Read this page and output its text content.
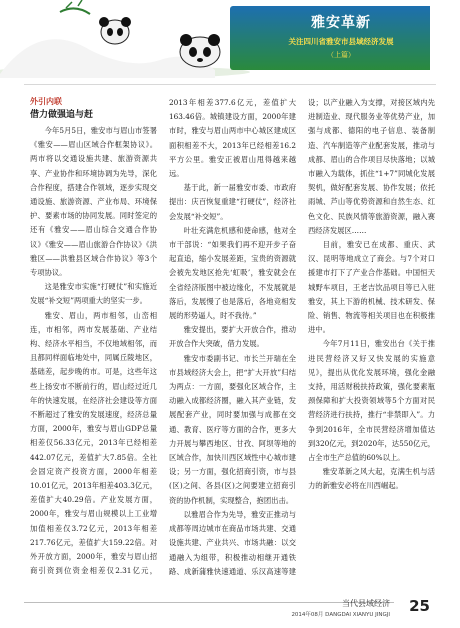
雅安革新
关注四川省雅安市县域经济发展
（上篇）
外引内联
借力做强追与赶

今年5月5日，雅安市与眉山市签署《雅安——眉山区域合作框架协议》。两市将以交通设施共建、旅游资源共享、产业协作和环境协调为先导，深化合作程度，搭建合作领域，逐步实现交通设施、旅游资源、产业布局、环境保护、要素市场的协同发展。同时签定的还有《雅安——眉山综合交通合作协议》《雅安——眉山旅游合作协议》《洪雅区——洪雅县区域合作协议》等3个专项协议。

这是雅安市实施“打硬仗”和实施近发展“补交短”两项重大的坚实一步。

雅安、眉山，两市相邻，山峦相连，市相邻，两市发展基础、产业结构、经济水平相当，不仅地域相邻，而且都同样面临地处中，同属丘陵地区，基础差，起步晚的市。可是，这些年这些上扬安市不断前行的，眉山经过近几年的快速发展，在经济社会建设等方面不断超过了雅安的发展速度，经济总量方面，2000年，雅安与眉山GDP总量相差仅56.33亿元，2013年已经相差442.07亿元，差值扩大7.85倍。全社会固定资产投资方面，2000年相差10.01亿元，2013年相差403.3亿元，差值扩大40.29倍。产业发展方面，2000年，雅安与眉山规模以上工业增加值相差仅3.72亿元，2013年相差217.76亿元，差值扩大159.22倍。对外开放方面，2000年，雅安与眉山招商引资到位资金相差仅2.31亿元，2013年相差377.6亿元，差值扩大163.46倍。城镇建设方面，2000年建市时，雅安与眉山两市中心城区建成区面积相差不大，2013年已经相差16.2平方公里。雅安正被眉山甩得越来越远。

基于此，新一届雅安市委、市政府提出：庆百恢复重建“打硬仗”，经济社会发展“补交短”。

叶壮充满危机感和使命感，他对全市干部说：“如果我们再不迎开步子奋起直追，缩小发展差距，宝贵的资源就会被先发地区抢先‘虹吸’，雅安就会在全省经济版图中被边缘化，不发展就是落后，发展慢了也是落后，各地竞相发展的形势逼人，时不我待。”

雅安提出，要扩大开放合作，推动开放合作大突破，借力发展。

雅安市委副书记、市长兰开瑞在全市县域经济大会上，把“扩大开放”归结为两点：一方面，要强化区域合作，主动融入成都经济圈，融入其产业链，发展配套产业，同时要加强与成都在交通、教育、医疗等方面的合作，更多大力开展与攀西地区、甘孜、阿坝等地的区域合作，加快川西区域性中心城市建设；另一方面，强化招商引资，市与县(区)之间、各县(区)之间要建立招商引资的协作机制，实现整合，抱团出击。

以雅眉合作为先导，雅安正推动与成都等周边城市在商品市场共建、交通设施共建、产业共兴、市场共融：以交通融入为组带，积极推动相继开通铁路、成新蒲雅快速通道、乐汉高速等建设；以产业融入为支撑，对接区域内先进制造业、现代服务业等优势产业，加强与成都、德阳的电子信息、装备制造、汽车制造等产业配套发展，推动与成都、眉山的合作项目尽快落地；以城市融入为载体，抓住“1+7”同城化发展契机，做好配套发展、协作发展；依托雨城、芦山等优势资源和自然生态、红色文化、民族风情等旅游资源，融入赛西经济发展区……

目前，雅安已在成都、重庆、武汉、昆明等地成立了商会。与7个对口援建市打下了产业合作基础。中国恒天城野车项目，王老吉饮品项目等已入驻雅安，其上下游的机械、技术研发、保险、销售、物流等相关项目也在积极推进中。

今年7月11日，雅安出台《关于推进民营经济又好又快发展的实施意见》，提出从优化发展环境，强化金融支持，用活财税扶持政策，强化要素瓶颈保障和扩大投资领域等5个方面对民营经济进行扶持，推行“非禁即入”。力争到2016年，全市民营经济增加值达到320亿元，到2020年，达550亿元，占全市生产总值的60%以上。

雅安革新之风大起，克满生机与活力的新雅安必将在川西崛起。

当代县域经济
2014年08月 DANGDAI XIANYU JINGJI 25
